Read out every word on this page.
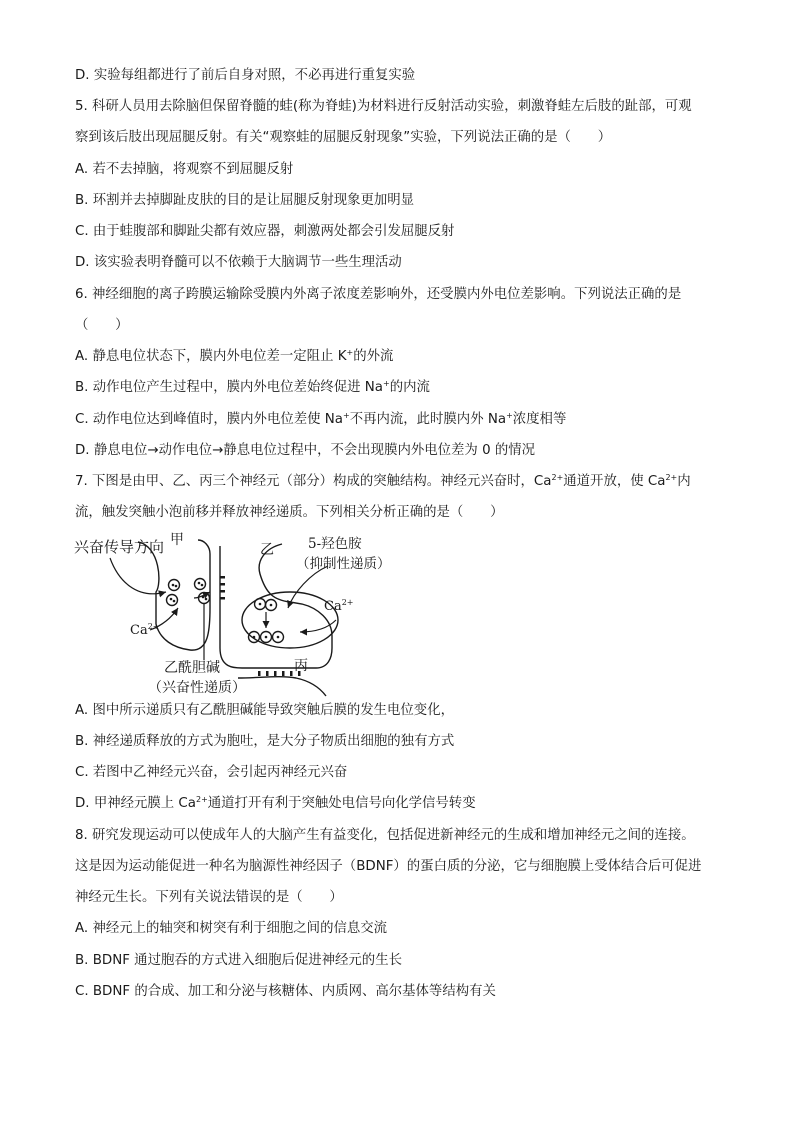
D. 实验每组都进行了前后自身对照，不必再进行重复实验
5. 科研人员用去除脑但保留脊髓的蛙(称为脊蛙)为材料进行反射活动实验，刺激脊蛙左后肢的趾部，可观
察到该后肢出现屈腿反射。有关“观察蛙的屈腿反射现象”实验，下列说法正确的是（　　）
A. 若不去掉脑，将观察不到屈腿反射
B. 环割并去掉脚趾皮肤的目的是让屈腿反射现象更加明显
C. 由于蛙腹部和脚趾尖都有效应器，刺激两处都会引发屈腿反射
D. 该实验表明脊髓可以不依赖于大脑调节一些生理活动
6. 神经细胞的离子跨膜运输除受膜内外离子浓度差影响外，还受膜内外电位差影响。下列说法正确的是
（　　）
A. 静息电位状态下，膜内外电位差一定阻止 K+的外流
B. 动作电位产生过程中，膜内外电位差始终促进 Na+的内流
C. 动作电位达到峰值时，膜内外电位差使 Na+不再内流，此时膜内外 Na+浓度相等
D. 静息电位→动作电位→静息电位过程中，不会出现膜内外电位差为 0 的情况
7. 下图是由甲、乙、丙三个神经元（部分）构成的突触结构。神经元兴奋时，$Ca^{2+}$通道开放，使 $Ca^{2+}$内
流，触发突触小泡前移并释放神经递质。下列相关分析正确的是（　　）
兴奋传导方向 甲
乙
丙
5-羟色胺
（抑制性递质）
乙酰胆碱
（兴奋性递质）
$Ca^{2+}$
$Ca^{2+}$
A. 图中所示递质只有乙酰胆碱能导致突触后膜的发生电位变化，
B. 神经递质释放的方式为胞吐，是大分子物质出细胞的独有方式
C. 若图中乙神经元兴奋，会引起丙神经元兴奋
D. 甲神经元膜上 $Ca^{2+}$通道打开有利于突触处电信号向化学信号转变
8. 研究发现运动可以使成年人的大脑产生有益变化，包括促进新神经元的生成和增加神经元之间的连接。
这是因为运动能促进一种名为脑源性神经因子（BDNF）的蛋白质的分泌，它与细胞膜上受体结合后可促进
神经元生长。下列有关说法错误的是（　　）
A. 神经元上的轴突和树突有利于细胞之间的信息交流
B. BDNF 通过胞吞的方式进入细胞后促进神经元的生长
C. BDNF 的合成、加工和分泌与核糖体、内质网、高尔基体等结构有关
